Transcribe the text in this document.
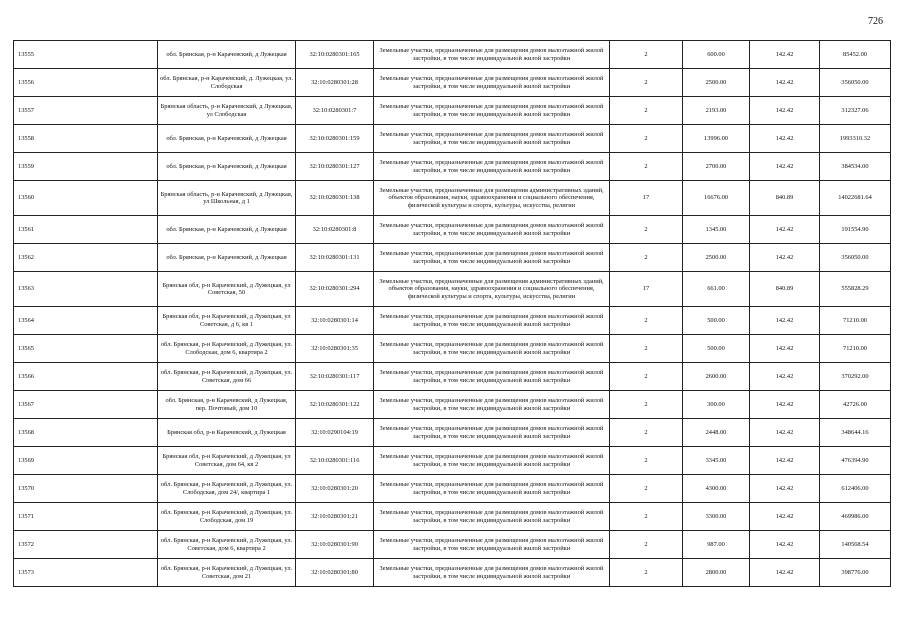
726
13555	обл. Брянская, р-н Карачевский, д Лужецкая	32:10:0280301:165	Земельные участки, предназначенные для размещения домов малоэтажной жилой застройки, в том числе индивидуальной жилой застройки	2	600.00	142.42	85452.00
13556	обл. Брянская, р-н Карачевский, д. Лужецкая, ул. Слободская	32:10:0280301:28	Земельные участки, предназначенные для размещения домов малоэтажной жилой застройки, в том числе индивидуальной жилой застройки	2	2500.00	142.42	356050.00
13557	Брянская область, р-н Карачевский, д Лужецкая, ул Слободская	32:10:0280301:7	Земельные участки, предназначенные для размещения домов малоэтажной жилой застройки, в том числе индивидуальной жилой застройки	2	2193.00	142.42	312327.06
13558	обл. Брянская, р-н Карачевский, д Лужецкая	32:10:0280301:159	Земельные участки, предназначенные для размещения домов малоэтажной жилой застройки, в том числе индивидуальной жилой застройки	2	13996.00	142.42	1993310.32
13559	обл. Брянская, р-н Карачевский, д Лужецкая	32:10:0280301:127	Земельные участки, предназначенные для размещения домов малоэтажной жилой застройки, в том числе индивидуальной жилой застройки	2	2700.00	142.42	384534.00
13560	Брянская область, р-н Карачевский, д Лужецкая, ул Школьная, д 1	32:10:0280301:138	Земельные участки, предназначенные для размещения административных зданий, объектов образования, науки, здравоохранения и социального обеспечения, физической культуры и спорта, культуры, искусства, религии	17	16676.00	840.89	14022681.64
13561	обл. Брянская, р-н Карачевский, д Лужецкая	32:10:0280301:8	Земельные участки, предназначенные для размещения домов малоэтажной жилой застройки, в том числе индивидуальной жилой застройки	2	1345.00	142.42	191554.90
13562	обл. Брянская, р-н Карачевский, д Лужецкая	32:10:0280301:131	Земельные участки, предназначенные для размещения домов малоэтажной жилой застройки, в том числе индивидуальной жилой застройки	2	2500.00	142.42	356050.00
13563	Брянская обл, р-н Карачевский, д Лужецкая, ул Советская, 50	32:10:0280301:294	Земельные участки, предназначенные для размещения административных зданий, объектов образования, науки, здравоохранения и социального обеспечения, физической культуры и спорта, культуры, искусства, религии	17	661.00	840.89	555828.29
13564	Брянская обл, р-н Карачевский, д Лужецкая, ул Советская, д 6, кв 1	32:10:0280301:14	Земельные участки, предназначенные для размещения домов малоэтажной жилой застройки, в том числе индивидуальной жилой застройки	2	500.00	142.42	71210.00
13565	обл. Брянская, р-н Карачевский, д Лужецкая, ул. Слободская, дом 6, квартира 2	32:10:0280301:35	Земельные участки, предназначенные для размещения домов малоэтажной жилой застройки, в том числе индивидуальной жилой застройки	2	500.00	142.42	71210.00
13566	обл. Брянская, р-н Карачевский, д Лужецкая, ул. Советская, дом 66	32:10:0280301:117	Земельные участки, предназначенные для размещения домов малоэтажной жилой застройки, в том числе индивидуальной жилой застройки	2	2600.00	142.42	370292.00
13567	обл. Брянская, р-н Карачевский, д Лужецкая, пер. Почтовый, дом 10	32:10:0280301:122	Земельные участки, предназначенные для размещения домов малоэтажной жилой застройки, в том числе индивидуальной жилой застройки	2	300.00	142.42	42726.00
13568	Брянская обл, р-н Карачевский, д Лужецкая	32:10:0290104:19	Земельные участки, предназначенные для размещения домов малоэтажной жилой застройки, в том числе индивидуальной жилой застройки	2	2448.00	142.42	348644.16
13569	Брянская обл, р-н Карачевский, д Лужецкая, ул Советская, дом 64, кв 2	32:10:0280301:116	Земельные участки, предназначенные для размещения домов малоэтажной жилой застройки, в том числе индивидуальной жилой застройки	2	3345.00	142.42	476394.90
13570	обл. Брянская, р-н Карачевский, д Лужецкая, ул. Слободская, дом 24/, квартира 1	32:10:0280301:20	Земельные участки, предназначенные для размещения домов малоэтажной жилой застройки, в том числе индивидуальной жилой застройки	2	4300.00	142.42	612406.00
13571	обл. Брянская, р-н Карачевский, д Лужецкая, ул. Слободская, дом 19	32:10:0280301:21	Земельные участки, предназначенные для размещения домов малоэтажной жилой застройки, в том числе индивидуальной жилой застройки	2	3300.00	142.42	469986.00
13572	обл. Брянская, р-н Карачевский, д Лужецкая, ул. Советская, дом 6, квартира 2	32:10:0280301:90	Земельные участки, предназначенные для размещения домов малоэтажной жилой застройки, в том числе индивидуальной жилой застройки	2	987.00	142.42	140568.54
13573	обл. Брянская, р-н Карачевский, д Лужецкая, ул. Советская, дом 21	32:10:0280301:80	Земельные участки, предназначенные для размещения домов малоэтажной жилой застройки, в том числе индивидуальной жилой застройки	2	2800.00	142.42	398776.00
